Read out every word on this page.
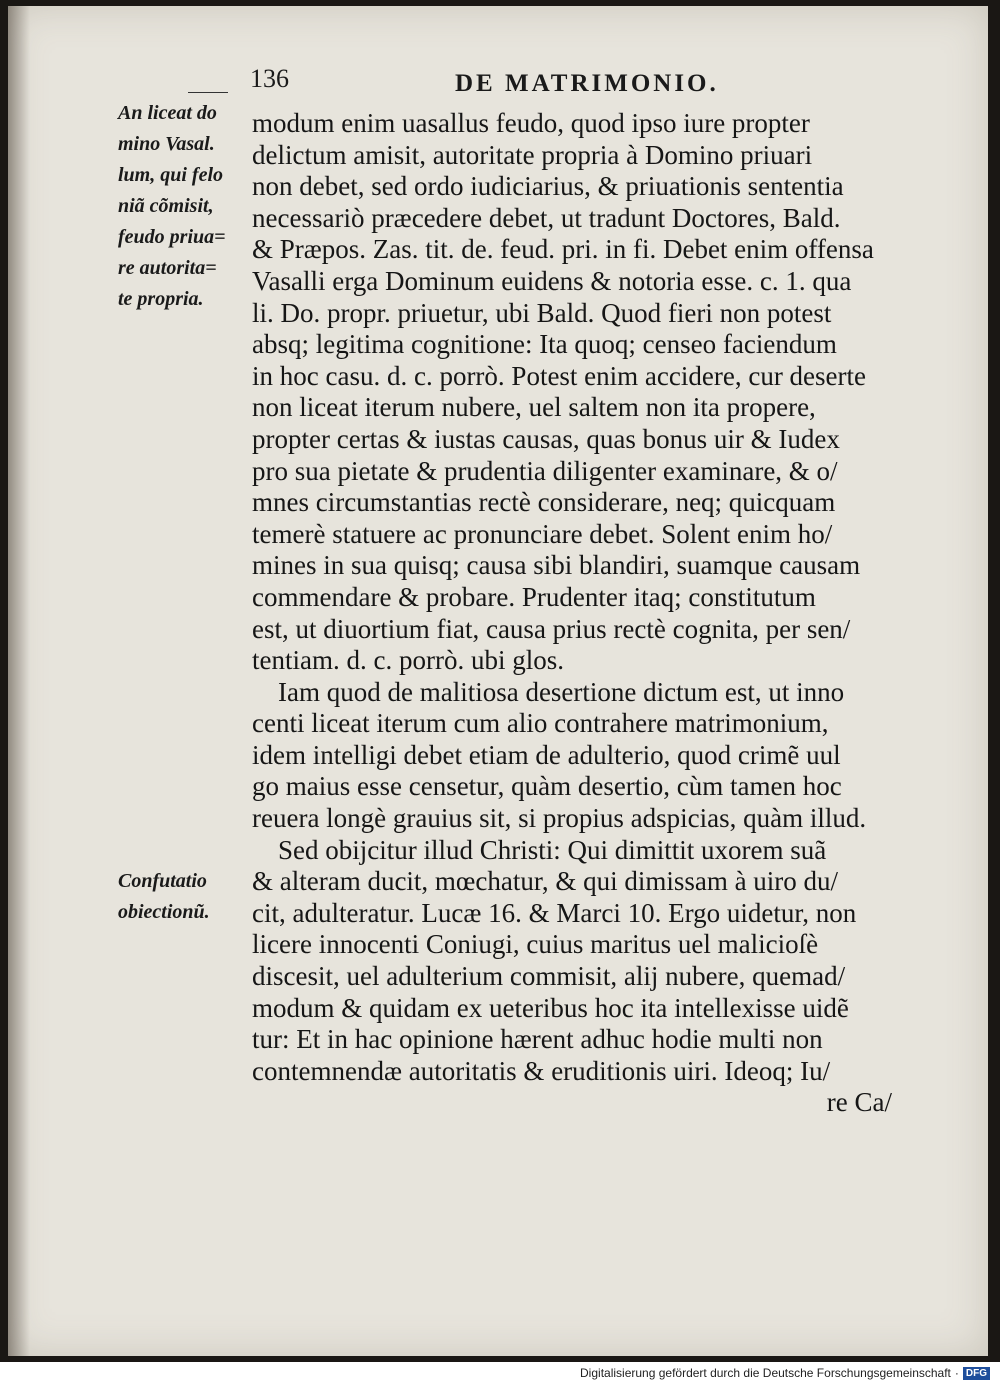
136	DE MATRIMONIO.
An liceat do
mino Vasal.
lum, qui felo
niã cõmisit,
feudo priua=
re autorita=
te propria.
Confutatio
obiectionũ.
modum enim uasallus feudo, quod ipso iure propter
delictum amisit, autoritate propria à Domino priuari
non debet, sed ordo iudiciarius, & priuationis sententia
necessariò præcedere debet, ut tradunt Doctores, Bald.
& Præpos. Zas. tit. de. feud. pri. in fi. Debet enim offensa
Vasalli erga Dominum euidens & notoria esse. c. 1. qua
li. Do. propr. priuetur, ubi Bald. Quod fieri non potest
absq; legitima cognitione: Ita quoq; censeo faciendum
in hoc casu. d. c. porrò. Potest enim accidere, cur deserte
non liceat iterum nubere, uel saltem non ita propere,
propter certas & iustas causas, quas bonus uir & Iudex
pro sua pietate & prudentia diligenter examinare, & o/
mnes circumstantias rectè considerare, neq; quicquam
temerè statuere ac pronunciare debet. Solent enim ho/
mines in sua quisq; causa sibi blandiri, suamque causam
commendare & probare. Prudenter itaq; constitutum
est, ut diuortium fiat, causa prius rectè cognita, per sen/
tentiam. d. c. porrò. ubi glos.
Iam quod de malitiosa desertione dictum est, ut inno
centi liceat iterum cum alio contrahere matrimonium,
idem intelligi debet etiam de adulterio, quod crimẽ uul
go maius esse censetur, quàm desertio, cùm tamen hoc
reuera longè grauius sit, si propius adspicias, quàm illud.
Sed obijcitur illud Christi: Qui dimittit uxorem suã
& alteram ducit, mœchatur, & qui dimissam à uiro du/
cit, adulteratur. Lucæ 16. & Marci 10. Ergo uidetur, non
licere innocenti Coniugi, cuius maritus uel malicioſè
discesit, uel adulterium commisit, alij nubere, quemad/
modum & quidam ex ueteribus hoc ita intellexisse uidẽ
tur: Et in hac opinione hærent adhuc hodie multi non
contemnendæ autoritatis & eruditionis uiri. Ideoq; Iu/
re Ca/
Digitalisierung gefördert durch die Deutsche Forschungsgemeinschaft · DFG
